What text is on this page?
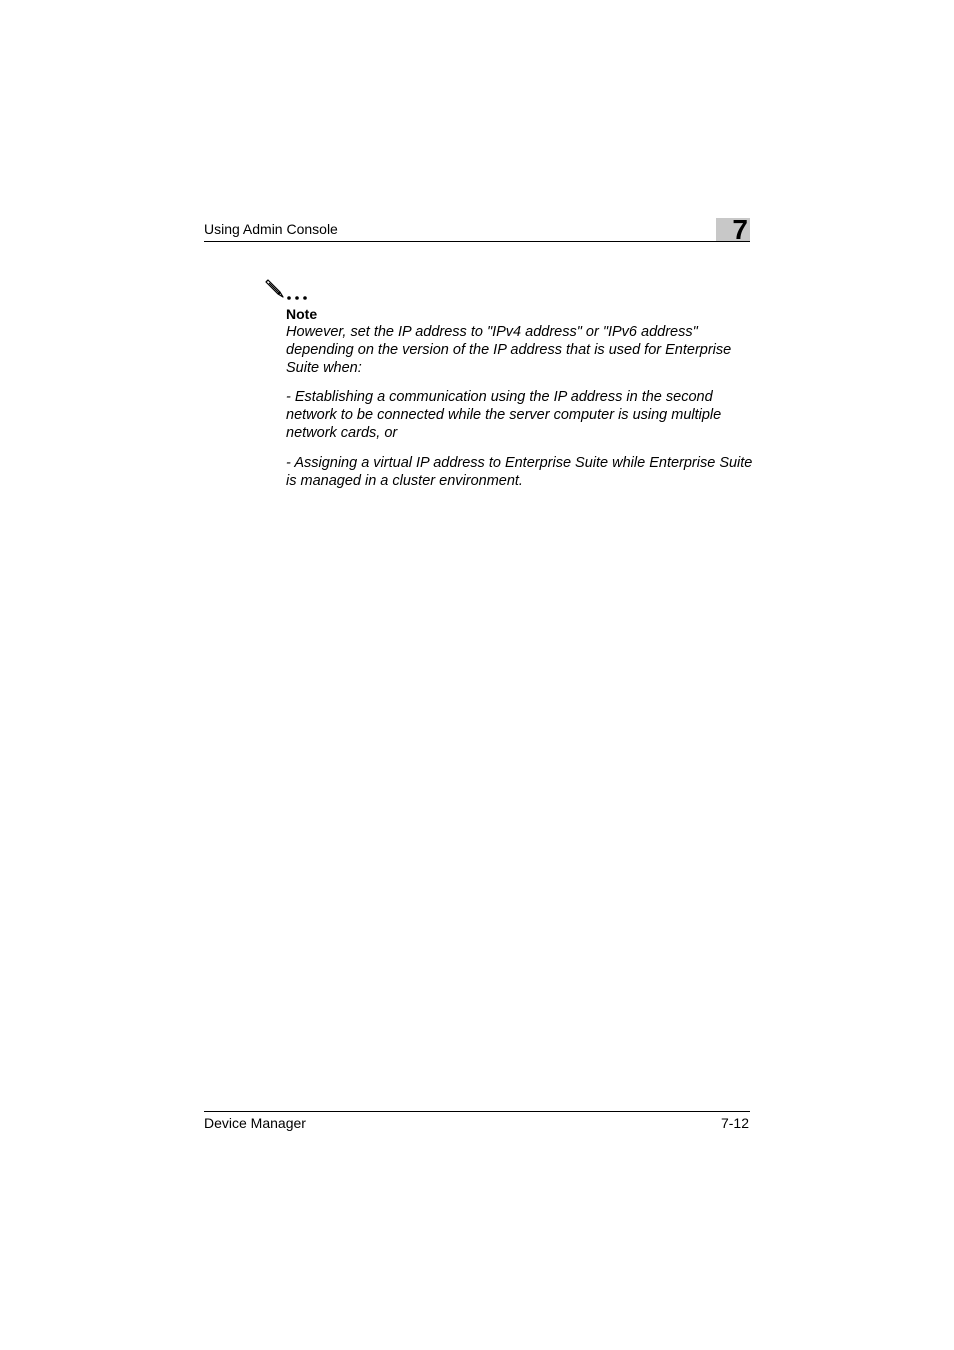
Using Admin Console	7
Note
However, set the IP address to "IPv4 address" or "IPv6 address" depending on the version of the IP address that is used for Enterprise Suite when:
- Establishing a communication using the IP address in the second network to be connected while the server computer is using multiple network cards, or
- Assigning a virtual IP address to Enterprise Suite while Enterprise Suite is managed in a cluster environment.
Device Manager	7-12
